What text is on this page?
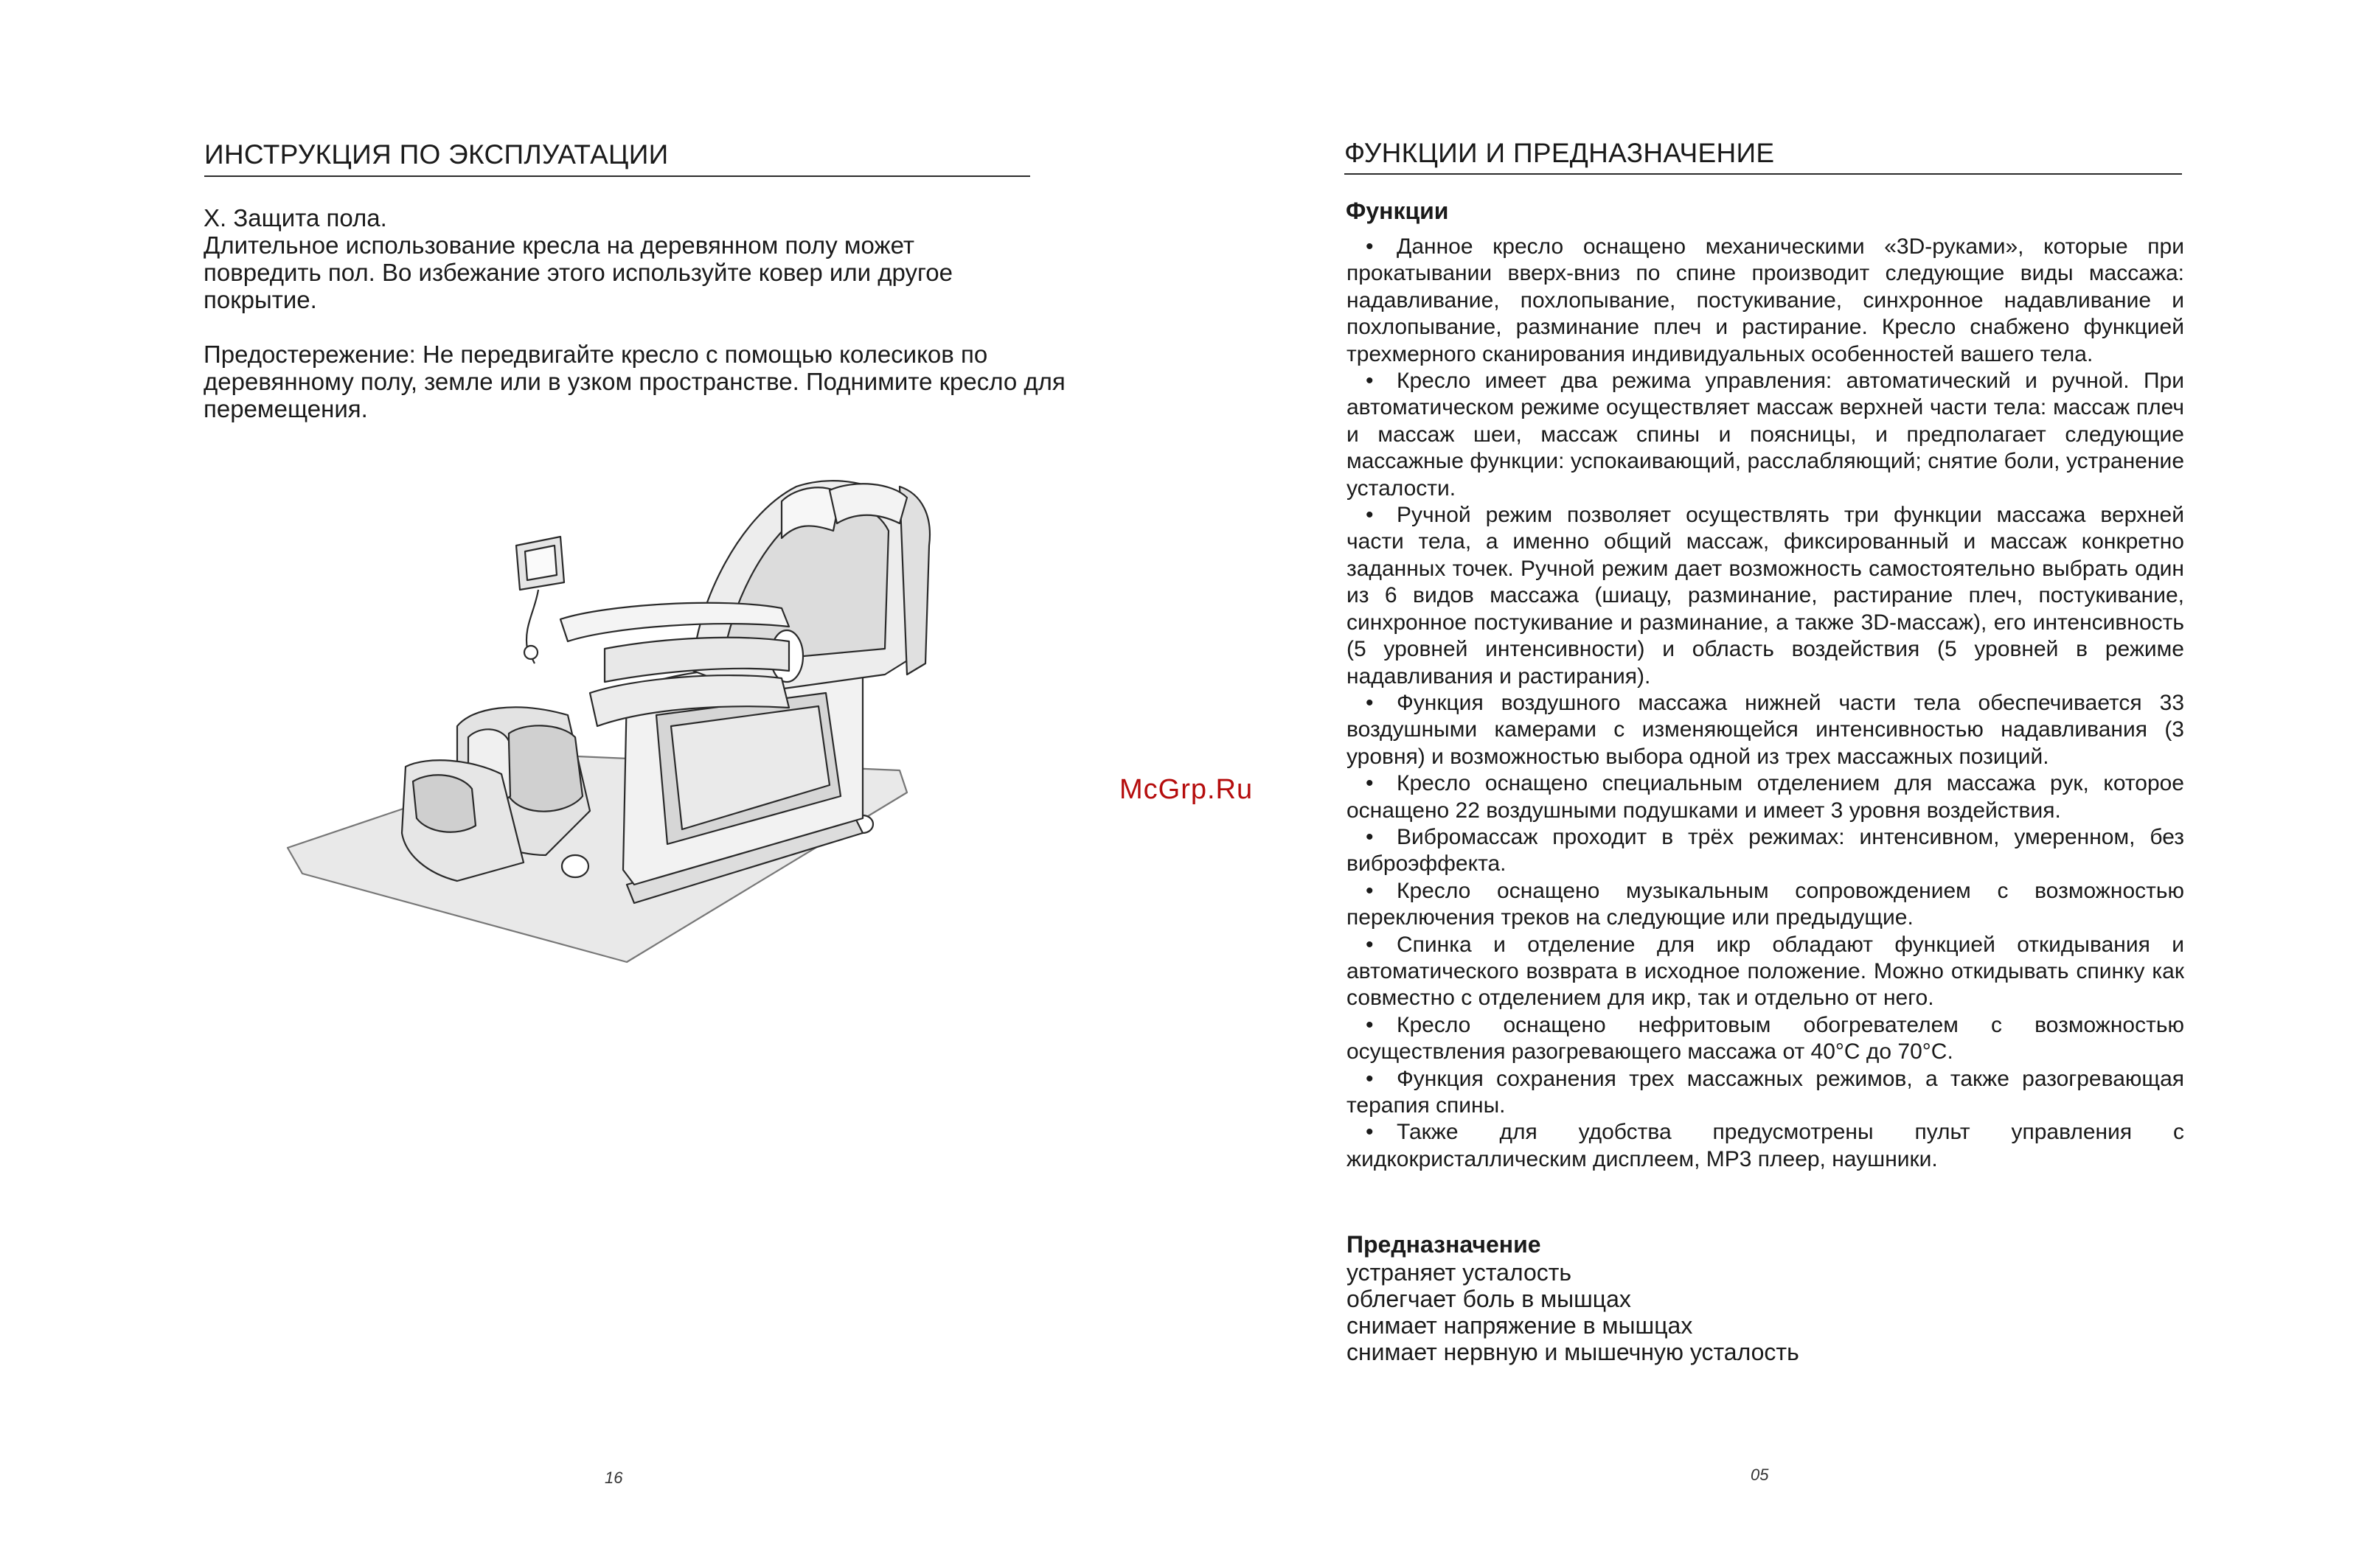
ИНСТРУКЦИЯ ПО ЭКСПЛУАТАЦИИ

X. Защита пола.

Длительное использование кресла на деревянном полу может повредить пол. Во избежание этого используйте ковер или другое покрытие.

Предостережение: Не передвигайте кресло с помощью колесиков по деревянному полу, земле или в узком пространстве. Поднимите кресло для перемещения.

16
McGrp.Ru
ФУНКЦИИ И ПРЕДНАЗНАЧЕНИЕ
Функции

• Данное кресло оснащено механическими «3D-руками», которые при прокатывании вверх-вниз по спине производит следующие виды массажа: надавливание, похлопывание, постукивание, синхронное надавливание и похлопывание, разминание плеч и растирание. Кресло снабжено функцией трехмерного сканирования индивидуальных особенностей вашего тела.

• Кресло имеет два режима управления: автоматический и ручной. При автоматическом режиме осуществляет массаж верхней части тела: массаж плеч и массаж шеи, массаж спины и поясницы, и предполагает следующие массажные функции: успокаивающий, расслабляющий; снятие боли, устранение усталости.

• Ручной режим позволяет осуществлять три функции массажа верхней части тела, а именно общий массаж, фиксированный и массаж конкретно заданных точек. Ручной режим дает возможность самостоятельно выбрать один из 6 видов массажа (шиацу, разминание, растирание плеч, постукивание, синхронное постукивание и разминание, а также 3D-массаж), его интенсивность (5 уровней интенсивности) и область воздействия (5 уровней в режиме надавливания и растирания).

• Функция воздушного массажа нижней части тела обеспечивается 33 воздушными камерами с изменяющейся интенсивностью надавливания (3 уровня) и возможностью выбора одной из трех массажных позиций.

• Кресло оснащено специальным отделением для массажа рук, которое оснащено 22 воздушными подушками и имеет 3 уровня воздействия.

• Вибромассаж проходит в трёх режимах: интенсивном, умеренном, без виброэффекта.

• Кресло оснащено музыкальным сопровождением с возможностью переключения треков на следующие или предыдущие.

• Спинка и отделение для икр обладают функцией откидывания и автоматического возврата в исходное положение. Можно откидывать спинку как совместно с отделением для икр, так и отдельно от него.

• Кресло оснащено нефритовым обогревателем с возможностью осуществления разогревающего массажа от 40°С до 70°С.

• Функция сохранения трех массажных режимов, а также разогревающая терапия спины.

• Также для удобства предусмотрены пульт управления с жидкокристаллическим дисплеем, МР3 плеер, наушники.

Предназначение
устраняет усталость
облегчает боль в мышцах
снимает напряжение в мышцах
снимает нервную и мышечную усталость
05
